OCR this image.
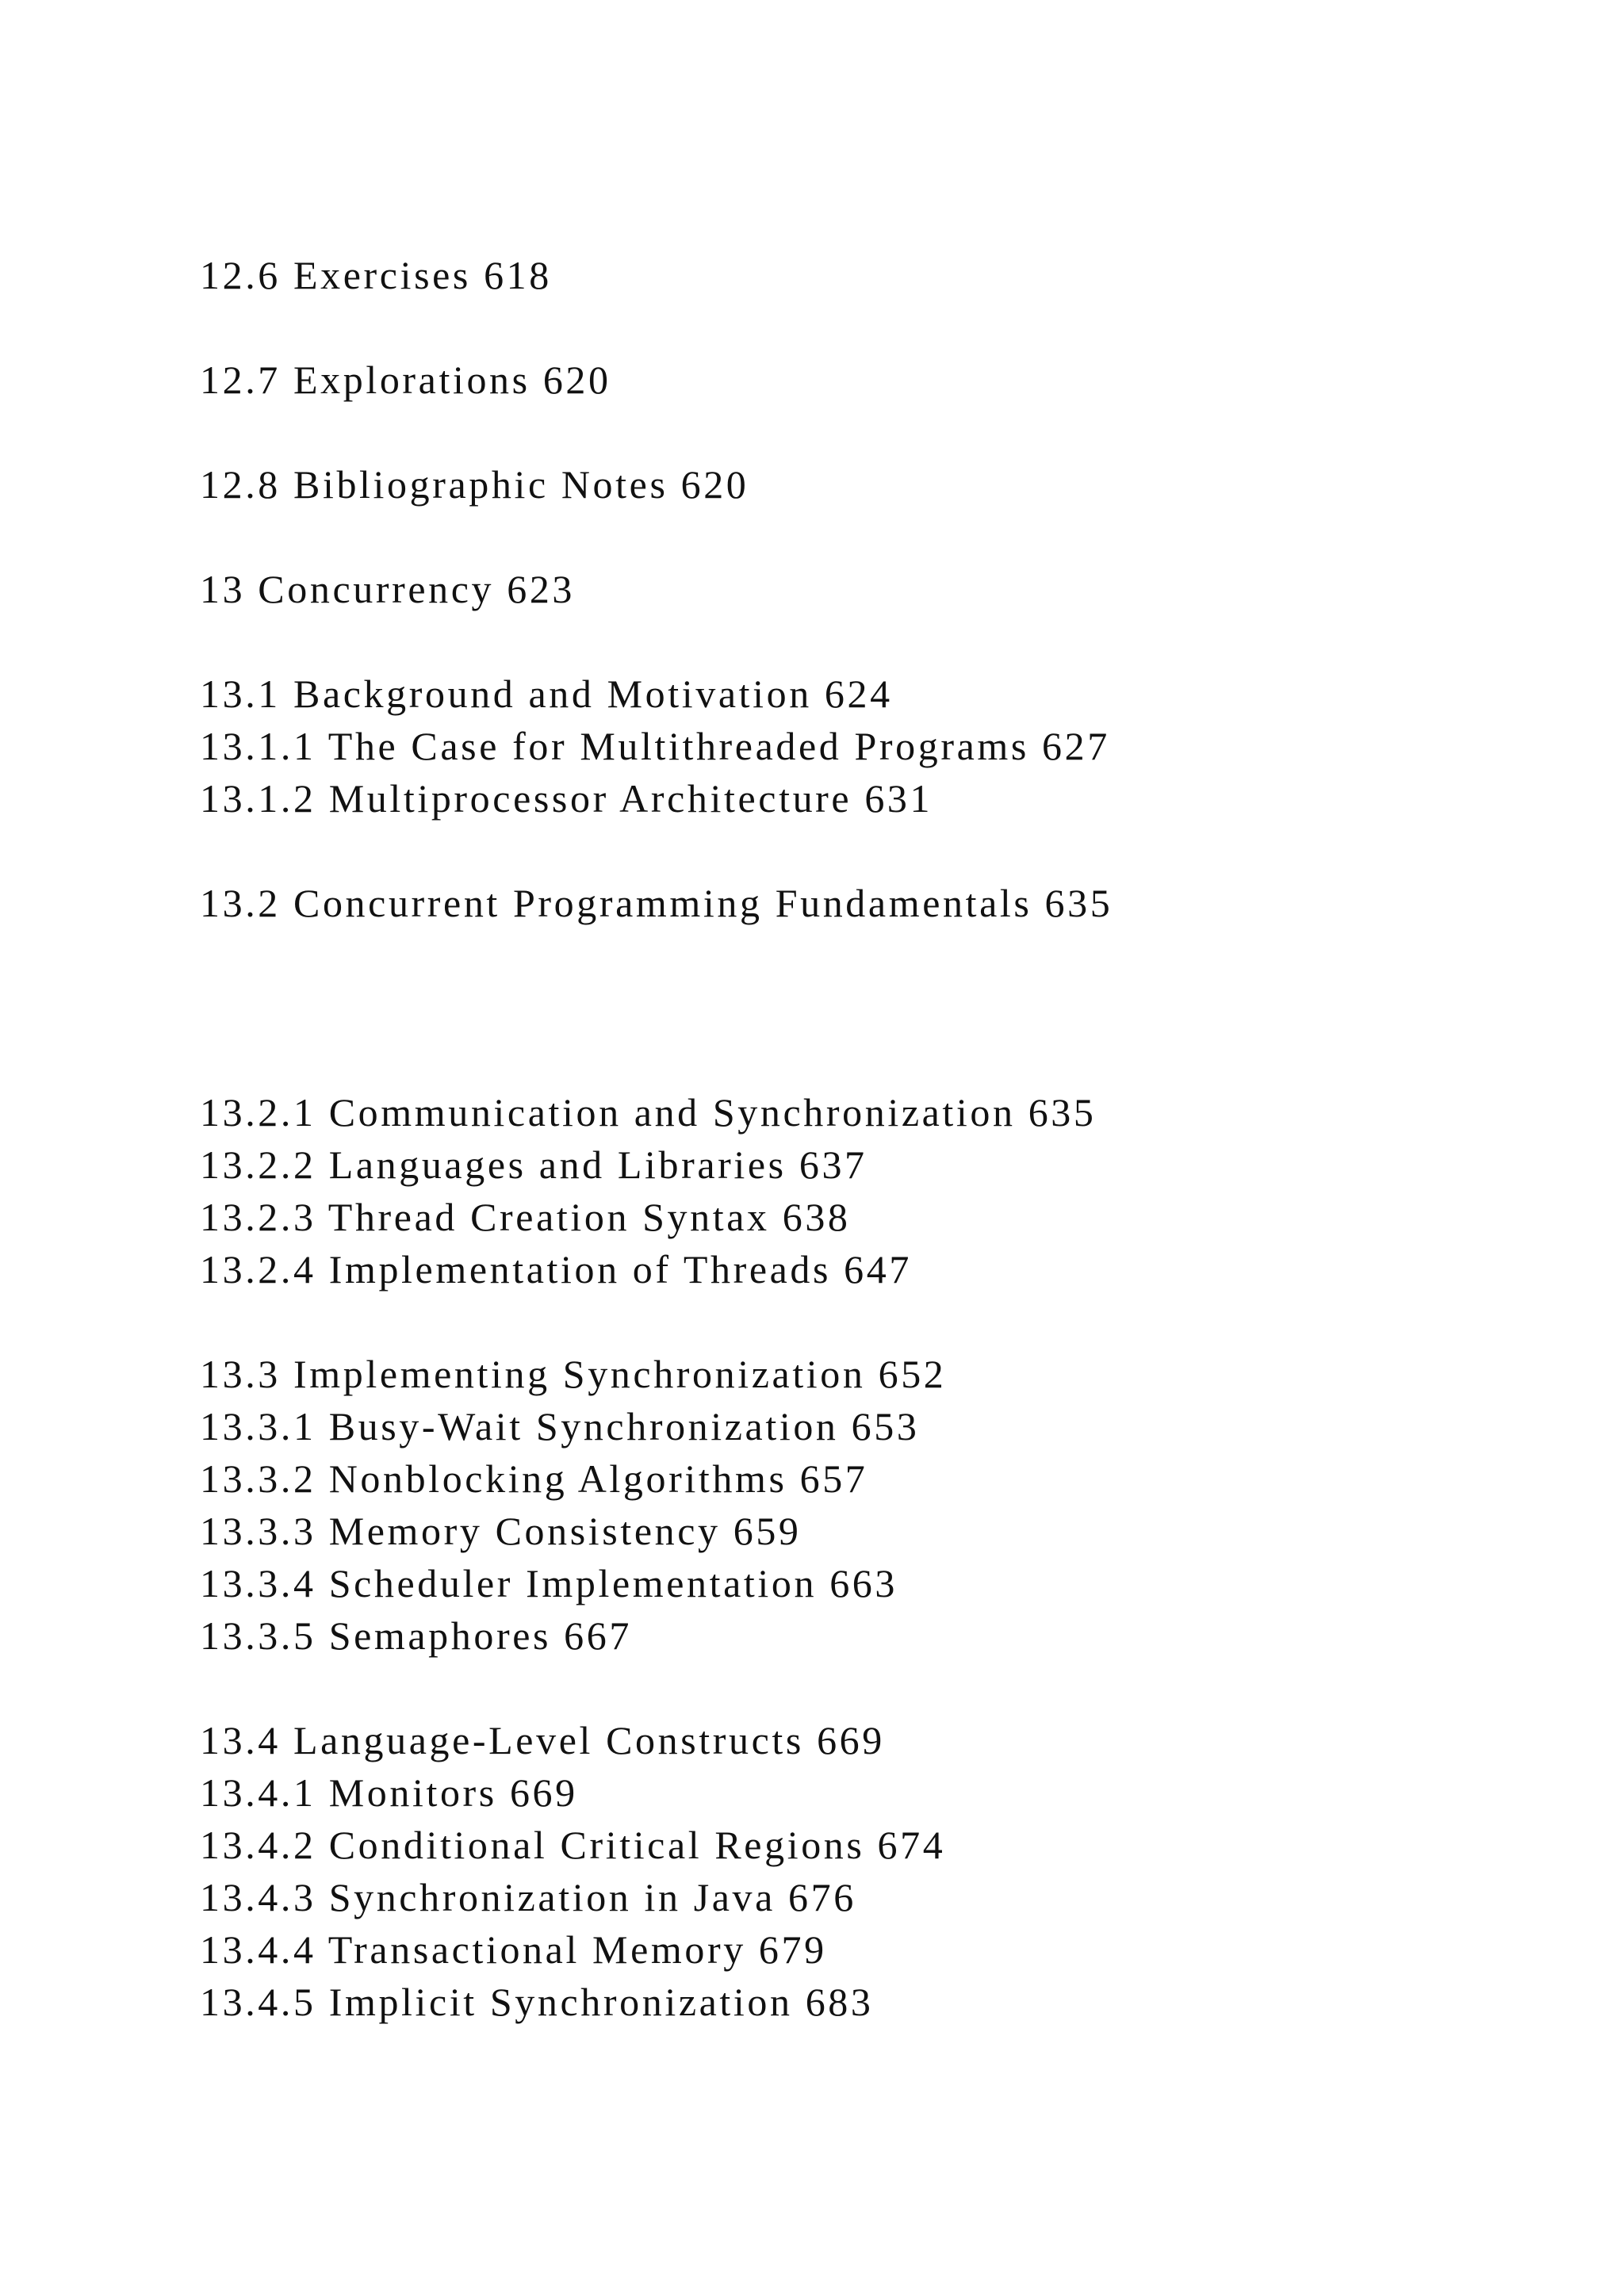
12.6 Exercises 618
12.7 Explorations 620
12.8 Bibliographic Notes 620
13 Concurrency 623
13.1 Background and Motivation 624
13.1.1 The Case for Multithreaded Programs 627
13.1.2 Multiprocessor Architecture 631
13.2 Concurrent Programming Fundamentals 635
13.2.1 Communication and Synchronization 635
13.2.2 Languages and Libraries 637
13.2.3 Thread Creation Syntax 638
13.2.4 Implementation of Threads 647
13.3 Implementing Synchronization 652
13.3.1 Busy-Wait Synchronization 653
13.3.2 Nonblocking Algorithms 657
13.3.3 Memory Consistency 659
13.3.4 Scheduler Implementation 663
13.3.5 Semaphores 667
13.4 Language-Level Constructs 669
13.4.1 Monitors 669
13.4.2 Conditional Critical Regions 674
13.4.3 Synchronization in Java 676
13.4.4 Transactional Memory 679
13.4.5 Implicit Synchronization 683
